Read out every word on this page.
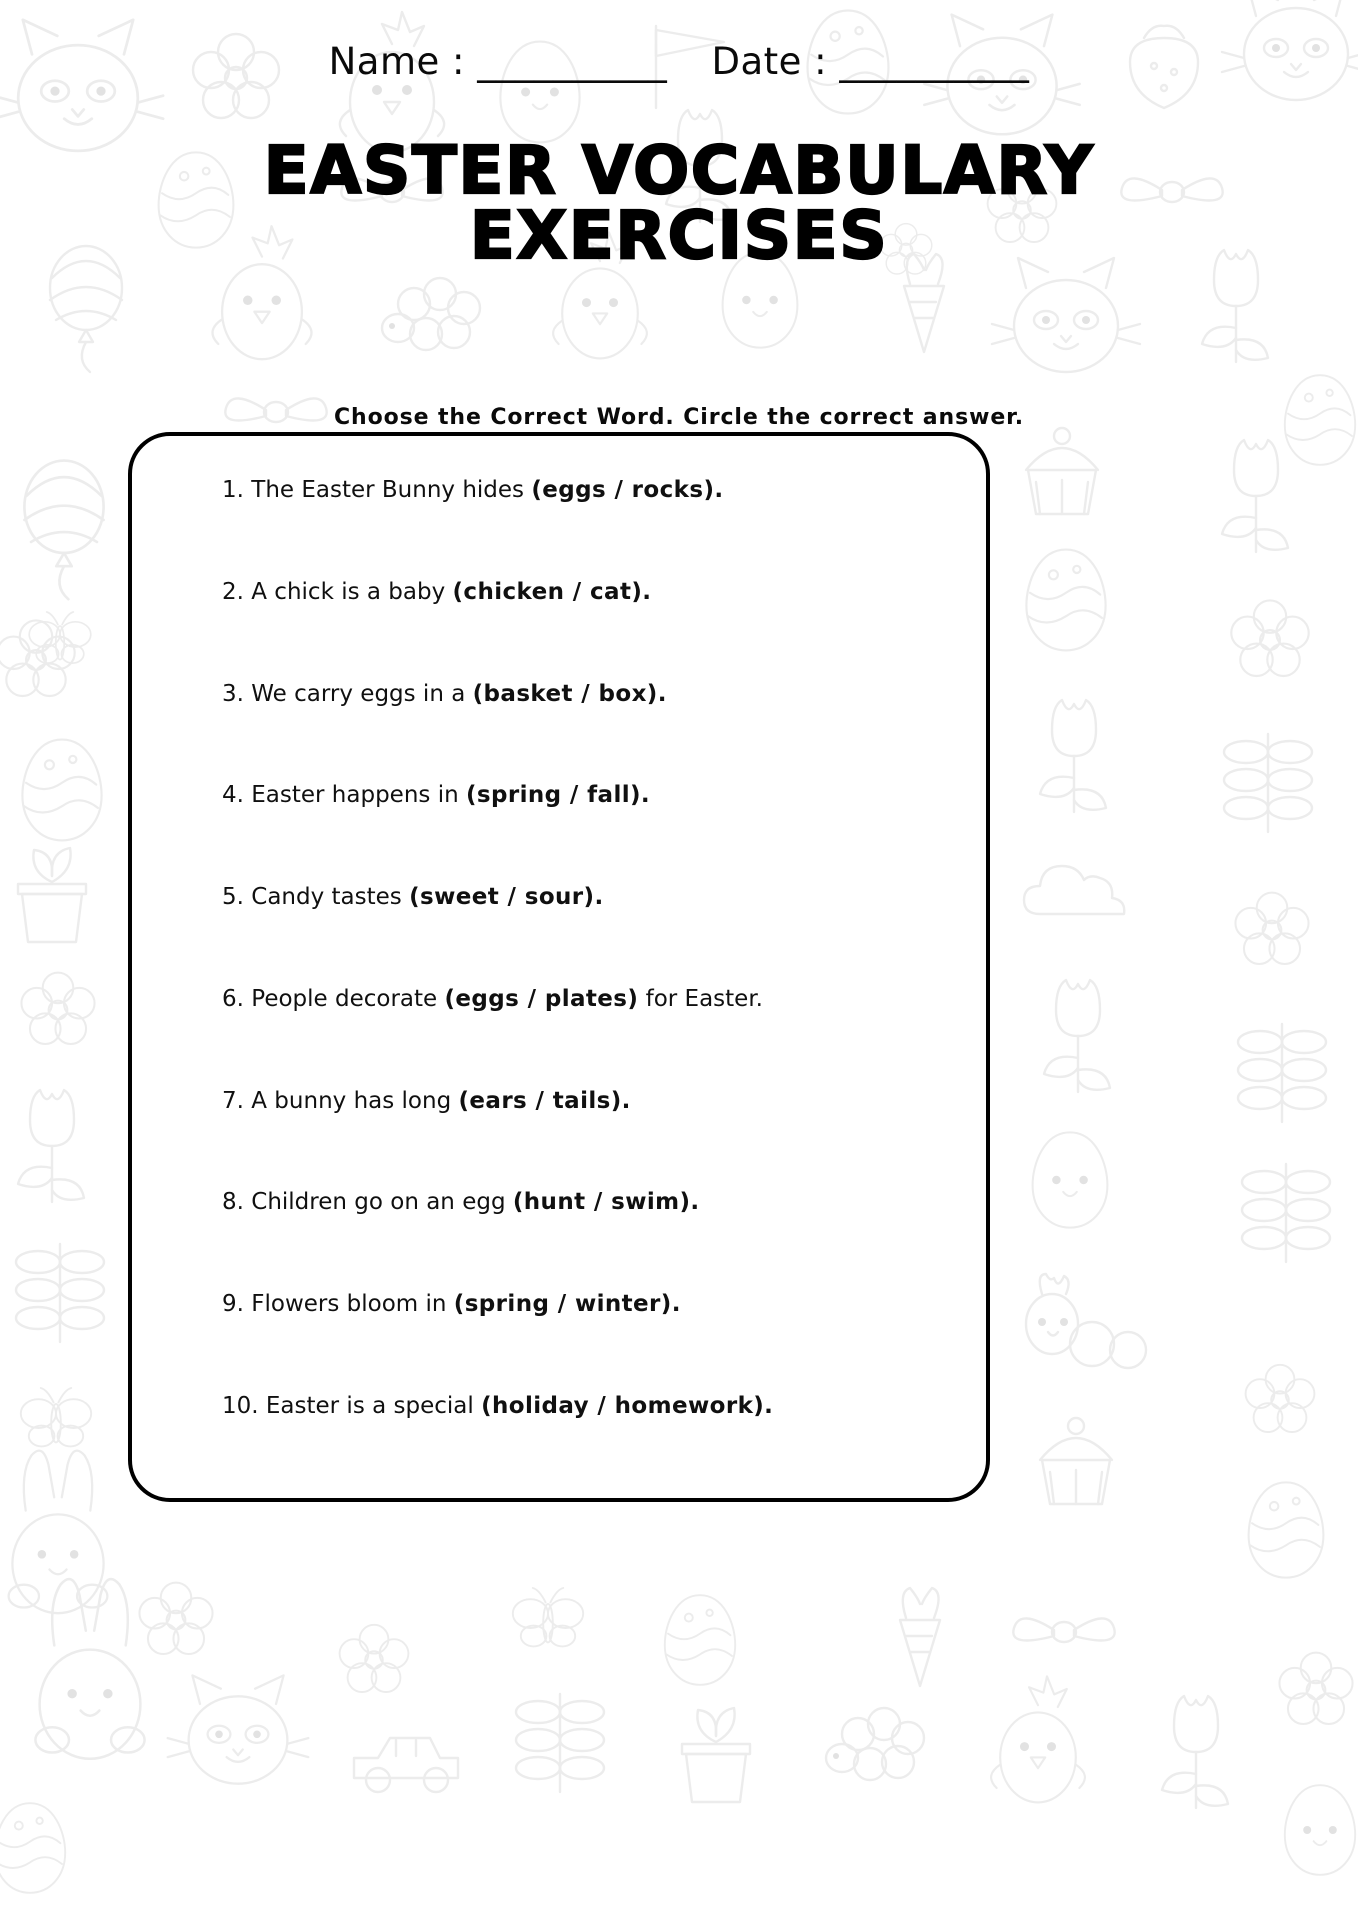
Name : __________ Date : __________
EASTER VOCABULARY
EXERCISES
Choose the Correct Word. Circle the correct answer.
1. The Easter Bunny hides (eggs / rocks).
2. A chick is a baby (chicken / cat).
3. We carry eggs in a (basket / box).
4. Easter happens in (spring / fall).
5. Candy tastes (sweet / sour).
6. People decorate (eggs / plates) for Easter.
7. A bunny has long (ears / tails).
8. Children go on an egg (hunt / swim).
9. Flowers bloom in (spring / winter).
10. Easter is a special (holiday / homework).
